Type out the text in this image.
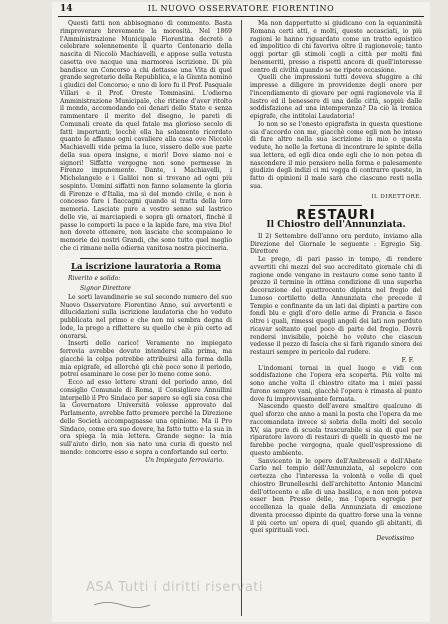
14	IL NUOVO OSSERVATORE FIORENTINO

Questi fatti non abbisognano di commento. Basta rimproverare brevemente la morosità. Nel 1869 l'Amministrazione Municipale Fiorentina decretò a celebrare solennemente il quarto Centenario della nascita di Niccolò Machiavelli, e appose sulla vetusta casetta ove nacque una marmorea iscrizione. Di più bandisce un Concorso a chi dettasse una Vita di quel grande segretario della Repubblica, e la Giunta nominò i giudici del Concorso; e uno di loro fu il Prof. Pasquale Villari e il Prof. Oreste Tommasini. L'odierna Amministrazione Municipale, che ritiene d'aver ritolto il mondo, accomodando coi denari dello Stato e senza rammentare il merito del disegno, le pareti di Comunali create da quel fatale ma glorioso secolo di fatti importanti; locchè ella ha solamente ricordato quanto le affanno ogni cavaliere alla casa ove Niccolò Machiavelli vide prima la luce, vissero delle sue parte della sua opera insigne, e morì! Dove siamo noi e signori! Siffatte vergogne non sono permesse in Firenze impunemente. Dante, i Machiavelli, i Michelangelo e i Galilei non si trovano ad ogni più sospinto. Uomini siffatti non fanno solamente la gloria di Firenze e d'Italia, ma sì del mondo civile, e non è concesso fare i fiaccagni quando si tratta della loro memoria. Lasciate pure a vostro senno sul lastrico delle vie, ai marciapiedi e sopra gli ornatori, finchè il passe lo comporti la pace e la lapide fare, ma viva Dio! non dovete ottenere, non lasciate che scompaiano le memorie dei nostri Grandi, che sono tutto quel meglio che ci rimane nella odierna vanitosa nostra piccineria.

La iscrizione lauratoria a Roma
Riverito e solido:
Signor Direttore

Le sorti lavandinerie se sul secondo numero del suo Nuovo Osservatore Fiorentino Anno, sui avvertenti e dilucidazioni sulla iscrizione laudatoria che ho veduto pubblicata nel primo e che non mi sembra degna di lode, la prego a riflettere su quello che è più certo ad onorarsi.

Inserti dello carico! Veramente no impiegato ferrovia avrebbe dovuto intendersi alla prima, ma giacchè la colpa potrebbe attribuirsi alla forma della mia epigrafe, ed allorchè gli chè poco sono il periodo, potrei esaminare le cose per lo meno come sono.

Ecco ad esso lettere strani del periodo anno, del consiglio Comunale di Roma, il Consigliere Annullini interpellò il Pro Sindaco per sapere se egli sia cosa che la Governatore Università volesse approvato dal Parlamento, avrebbe fatto premere perché la Direzione delle Società accompagnasse una opinione. Ma il Pro Sindaco, come era suo dovere, ha fatto tutto e la sua in ora spiega la mia lettera. Grande segno: la mia sull'aiuto dirlo, non sia nato una curia di questo nel mondo: concorre esso e sopra a confortando sul certo.

Un Impiegato ferroviario.

Ma non dappertutto si giudicano con la equanimità Romana certi atti, e molti, queste accasciati, io più ragioni le hanno riguardato come un tratto egoistico ed impolitico di chi favoriva oltre il ragionevole; tanto oggi portar gli stimoli cogli a città per molti fini benemeriti, presso a rispetti ancora di quell'interesse centro di civiltà quando se ne ripete occasione.

Quelli che impressioni tutti doveva sfuggire a chi impresse a diligere in provvidenze degli onore per l'incendiamento di giovare per ogni ragionevole via il lustro ed il benessere di una delle città, soppiù dalle soddisfazione ad una intemperanza? Da ciò la ironica epigrafe, che intitolai Laudatoria!

Io non so se l'onesto epigrafista in questa questione sia d'accordo con me, giacchè come egli non ho inteso di fare altro nella sua iscrizione in mio o questa vedute, ho nelle la fortuna di incontrare le spinte della sua lettera, ed egli dica onde egli che io non potea di nascondere il mio pensiero nella forma e palesamente giudizio degli indizi ci mi vegga di contrarre queste, in fatto di opinioni il male sarà che ciascuno resti nella sua.

IL DIRETTORE.
RESTAURI
Il Chiostro dell'Annunziata.

Il 2) Settembre dell'anno ora perduto, inviamo alla Direzione del Giornale le seguente : Egregio Sig. Direttore

Le prego, di pari passo in tempo, di rendere avvertiti chi mezzi del suo accreditato giornale chi di ragione onde vengano in restauro come sono tanto il prezzo il termine in ottima condizione di una superba decorazione del quattrocento dipinta nel fregio del Lunoso cortiletto della Annunziata che precede il Tempio e confinante da un lati dai dipinti a partire con fondi blu e gigli d'oro delle arme di Francia e fasce oltre i quali, rimessi quegli angoli dei lati non perduto ricavar soltanto quel poco di parte del fregio. Dovrà rendersi invisibile, poichè ho voluto che ciascun vedesse il pezzo di fascia che si farà rigando sinora dei restauri sempre in pericolo dal rudere.

F. F.

L'indomani tornai in quel luogo e vidi con soddisfazione che l'opera era scoperta. Più volte mi sono anche volta il chiostro citato ma i miei passi furono sempre vani, giacchè l'opera è rimasta al punto dove fu improvvisamente fermata.

Nascendo questo dell'avere smaltire qualcuno di quel sforzo che anno a mani la posta che l'opera da me raccomandata invece si sobria della molti del secolo XV, sia pure di scuola trascurabile si sia di quel per riparatore lavoro di restauri di quelli in questo me ne farebbe poche vergogna, quale quell'espressione di questo ambiente.

Sanvicento in le opere dell'Ambrosoli e dell'Abate Carlo nel tempio dell'Annunziata, al sepolcro con certezza che l'interessa la volontà e volle di quel chiostro Brunelleschi dell'architetto Antonio Mancini dell'ottocento e alle di una basilica, e non non poteva esser ben Presso delle, ma l'opera egregia per eccellenza la quale della Annunziata di emozione diventa processo dipinte da quattro forse una la venne il più certo un' opera di quel, quando gli abitanti, di quei spirituali voci.

Devotissimo
ASA Tutti i diritti riservati
